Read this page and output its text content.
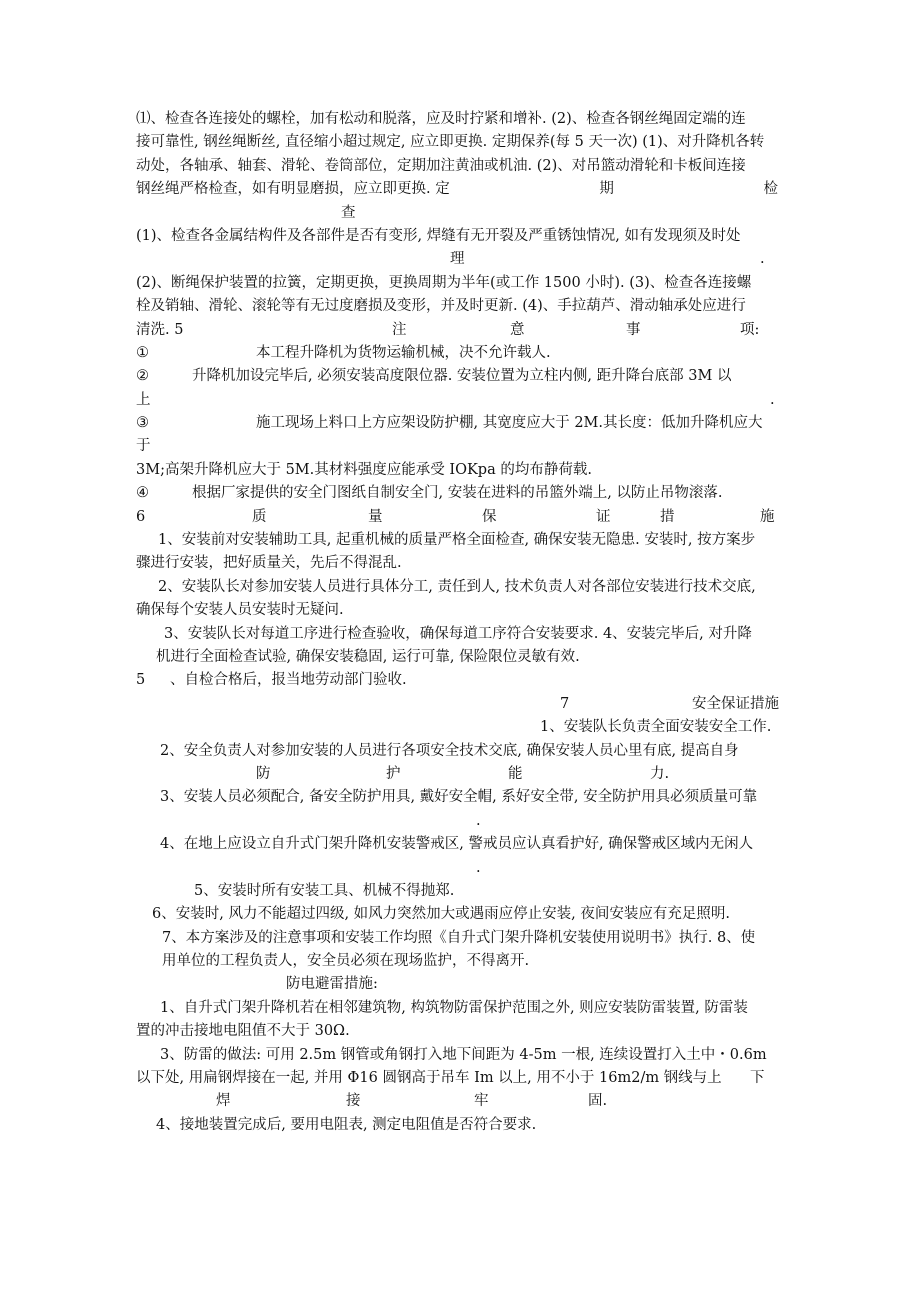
⑴、检查各连接处的螺栓，加有松动和脱落，应及时拧紧和增补. (2)、检查各钢丝绳固定端的连
接可靠性, 钢丝绳断丝, 直径缩小超过规定, 应立即更换. 定期保养(每 5 天一次) (1)、对升降机各转
动处，各轴承、轴套、滑轮、卷筒部位，定期加注黄油或机油. (2)、对吊篮动滑轮和卡板间连接
钢丝绳严格检查，如有明显磨损，应立即更换. 定	期	检
查
(1)、检查各金属结构件及各部件是否有变形, 焊缝有无开裂及严重锈蚀情况, 如有发现须及时处
理	.
(2)、断绳保护装置的拉簧，定期更换，更换周期为半年(或工作 1500 小时). (3)、检查各连接螺
栓及销轴、滑轮、滚轮等有无过度磨损及变形，并及时更新. (4)、手拉葫芦、滑动轴承处应进行
清洗. 5	注	意	事	项:
①	本工程升降机为货物运输机械，决不允许载人.
②	升降机加设完毕后, 必须安装高度限位器. 安装位置为立柱内侧, 距升降台底部 3M 以
上	.
③	施工现场上料口上方应架设防护棚, 其宽度应大于 2M.其长度：低加升降机应大
于
3M;高架升降机应大于 5M.其材料强度应能承受 IOKpa 的均布静荷载.
④	根据厂家提供的安全门图纸自制安全门, 安装在进料的吊篮外端上, 以防止吊物滚落.
6	质	量	保	证	措	施
1、安装前对安装辅助工具, 起重机械的质量严格全面检查, 确保安装无隐患. 安装时, 按方案步
骤进行安装，把好质量关，先后不得混乱.
2、安装队长对参加安装人员进行具体分工, 责任到人, 技术负责人对各部位安装进行技术交底,
确保每个安装人员安装时无疑问.
3、安装队长对每道工序进行检查验收，确保每道工序符合安装要求. 4、安装完毕后, 对升降
机进行全面检查试验, 确保安装稳固, 运行可靠, 保险限位灵敏有效.
5 、自检合格后，报当地劳动部门验收.
7	安全保证措施
1、安装队长负责全面安装安全工作.
2、安全负责人对参加安装的人员进行各项安全技术交底, 确保安装人员心里有底, 提高自身
防	护	能	力.
3、安装人员必须配合, 备安全防护用具, 戴好安全帽, 系好安全带, 安全防护用具必须质量可靠
.
4、在地上应设立自升式门架升降机安装警戒区, 警戒员应认真看护好, 确保警戒区域内无闲人
.
5、安装时所有安装工具、机械不得抛郑.
6、安装时, 风力不能超过四级, 如风力突然加大或遇雨应停止安装, 夜间安装应有充足照明.
7、本方案涉及的注意事项和安装工作均照《自升式门架升降机安装使用说明书》执行. 8、使
用单位的工程负责人，安全员必须在现场监护，不得离开.
防电避雷措施:
1、自升式门架升降机若在相邻建筑物, 构筑物防雷保护范围之外, 则应安装防雷装置, 防雷装
置的冲击接地电阻值不大于 30Ω.
3、防雷的做法: 可用 2.5m 钢管或角钢打入地下间距为 4-5m 一根, 连续设置打入土中・0.6m
以下处, 用扁钢焊接在一起, 并用 Φ16 圆钢高于吊车 Im 以上, 用不小于 16m2/m 钢线与上 下
焊	接	牢	固.
4、接地装置完成后, 要用电阻表, 测定电阻值是否符合要求.
